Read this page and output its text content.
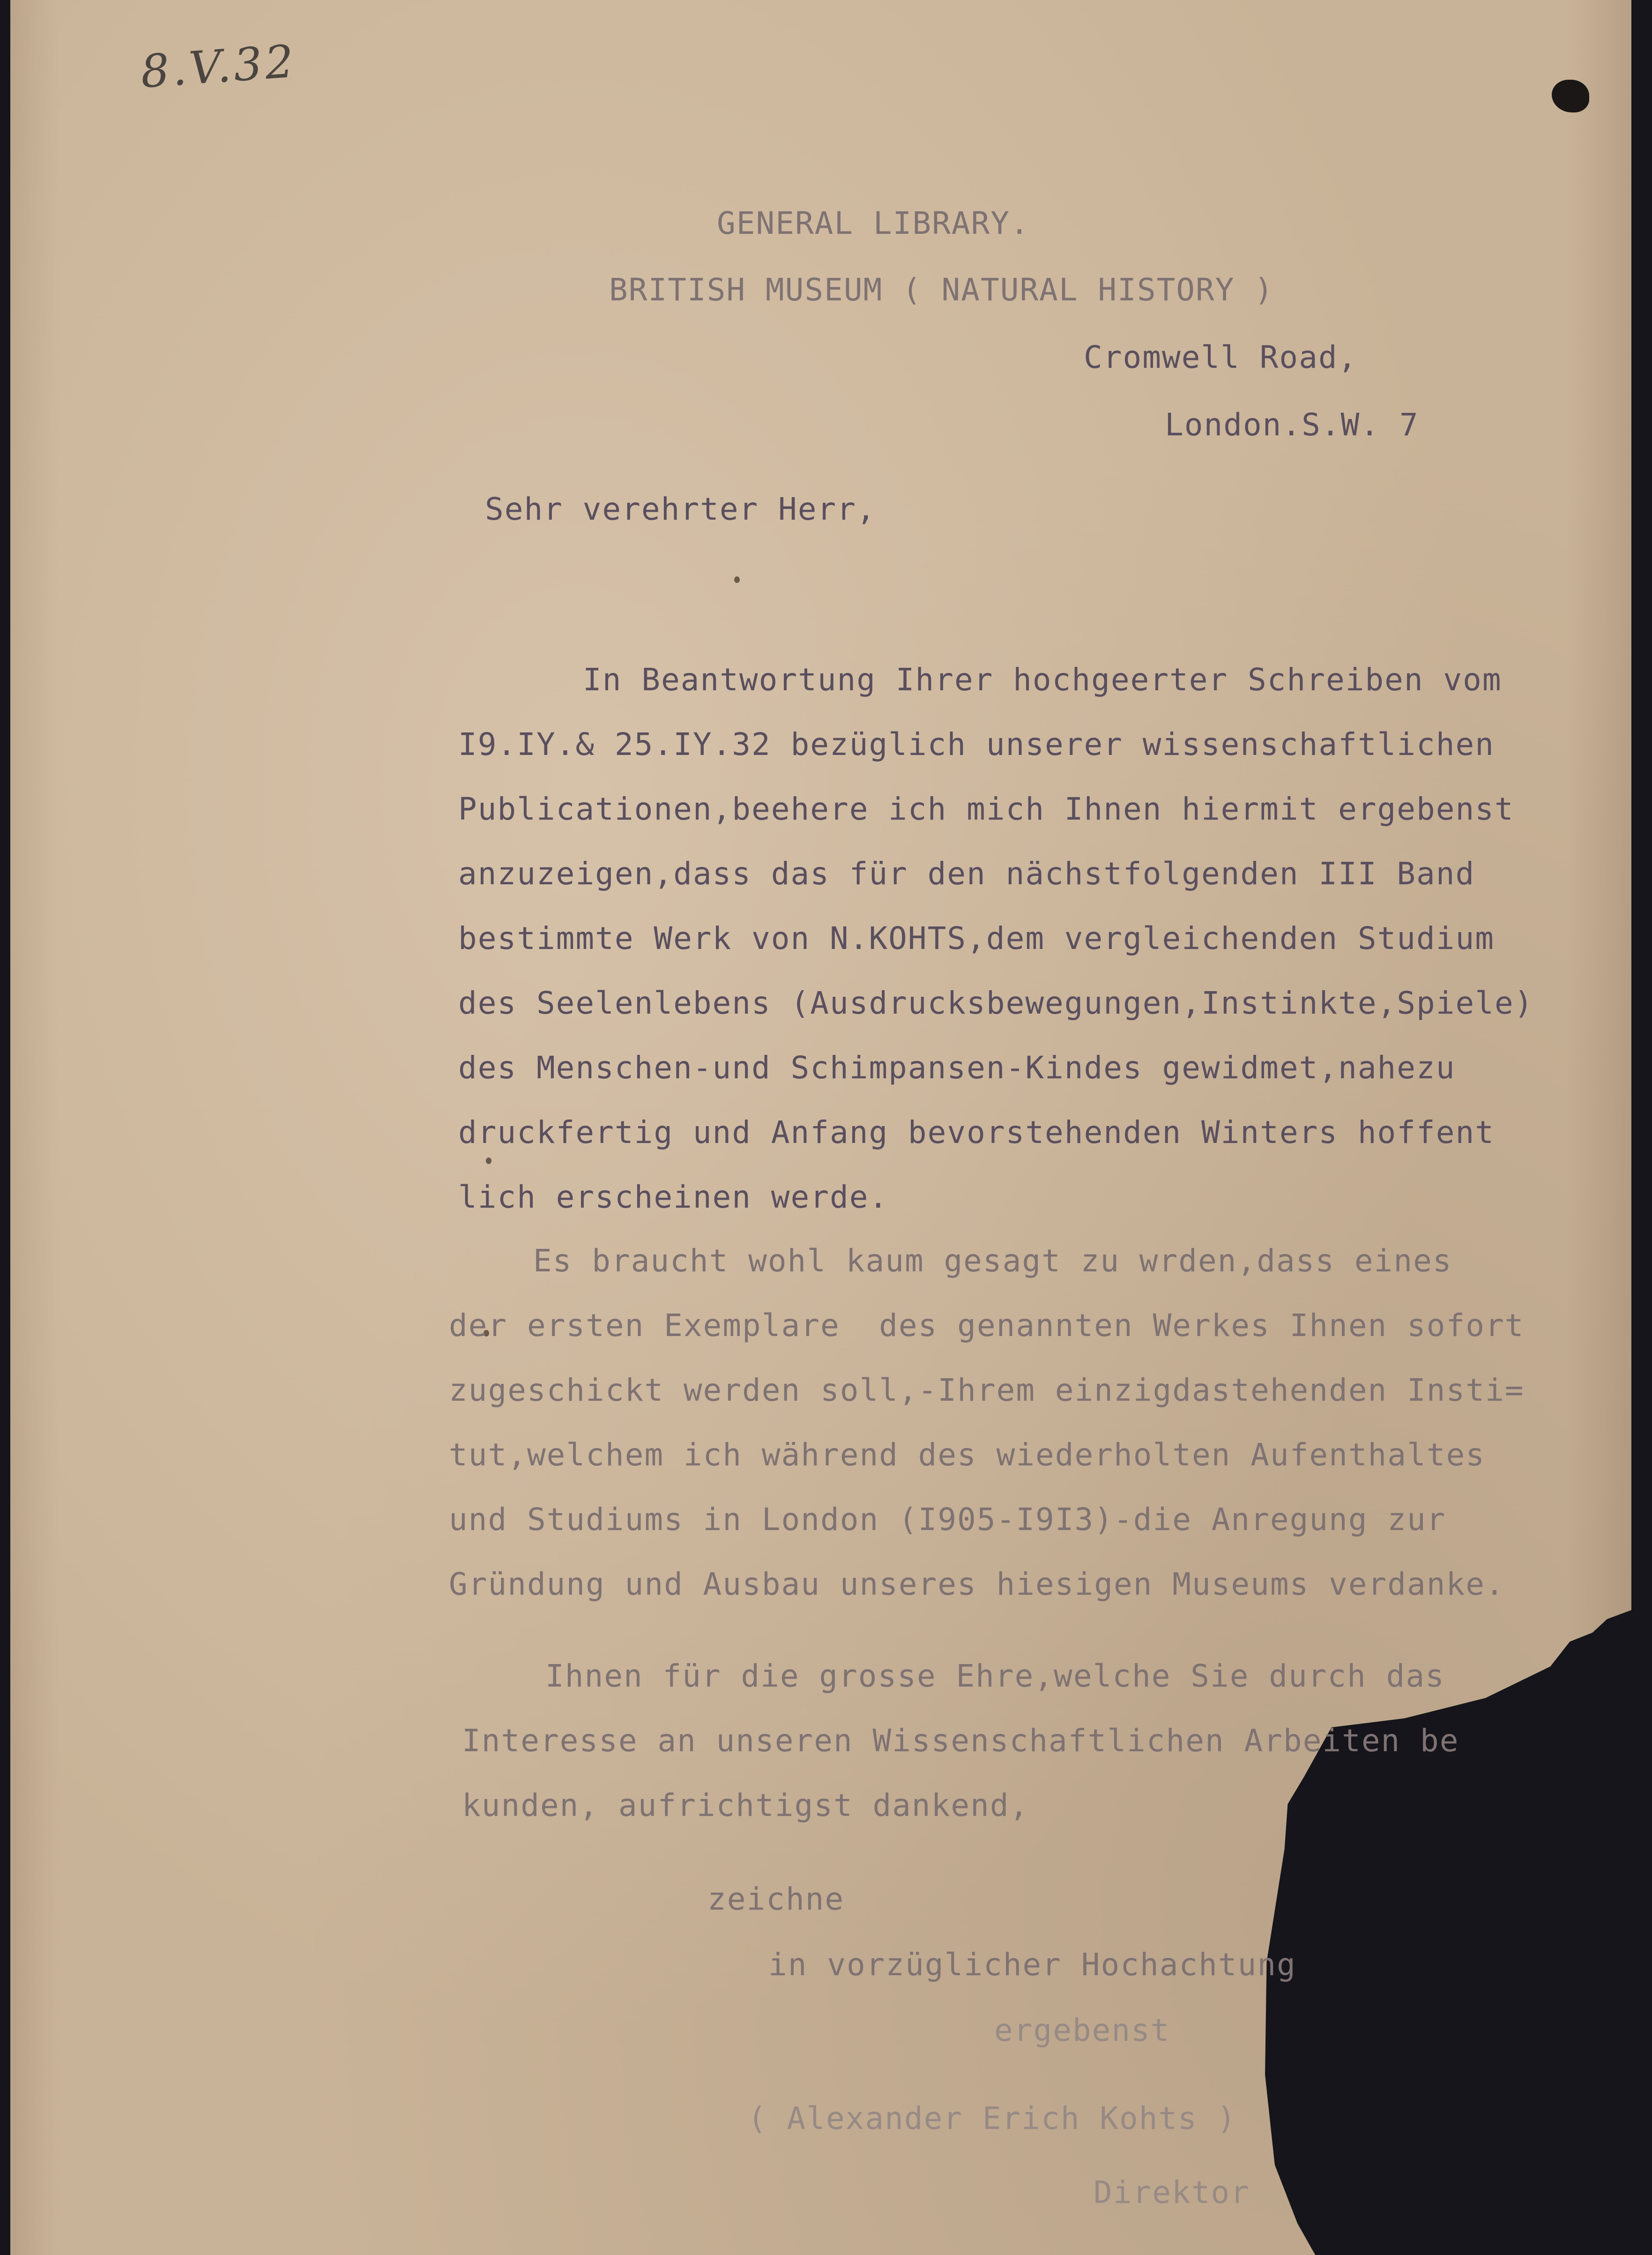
8.V.32

GENERAL LIBRARY.

BRITISH MUSEUM ( NATURAL HISTORY )

Cromwell Road,

London.S.W. 7

Sehr verehrter Herr,

In Beantwortung Ihrer hochgeerter Schreiben vom

I9.IY.& 25.IY.32 bezüglich unserer wissenschaftlichen

Publicationen,beehere ich mich Ihnen hiermit ergebenst

anzuzeigen,dass das für den nächstfolgenden III Band

bestimmte Werk von N.KOHTS,dem vergleichenden Studium

des Seelenlebens (Ausdrucksbewegungen,Instinkte,Spiele)

des Menschen-und Schimpansen-Kindes gewidmet,nahezu

druckfertig und Anfang bevorstehenden Winters hoffent

lich erscheinen werde.

Es braucht wohl kaum gesagt zu wrden,dass eines

der ersten Exemplare  des genannten Werkes Ihnen sofort

zugeschickt werden soll,-Ihrem einzigdastehenden Insti=

tut,welchem ich während des wiederholten Aufenthaltes

und Studiums in London (I905-I9I3)-die Anregung zur

Gründung und Ausbau unseres hiesigen Museums verdanke.

Ihnen für die grosse Ehre,welche Sie durch das

Interesse an unseren Wissenschaftlichen Arbeiten be

kunden, aufrichtigst dankend,

zeichne

in vorzüglicher Hochachtung

ergebenst

( Alexander Erich Kohts )

Direktor
